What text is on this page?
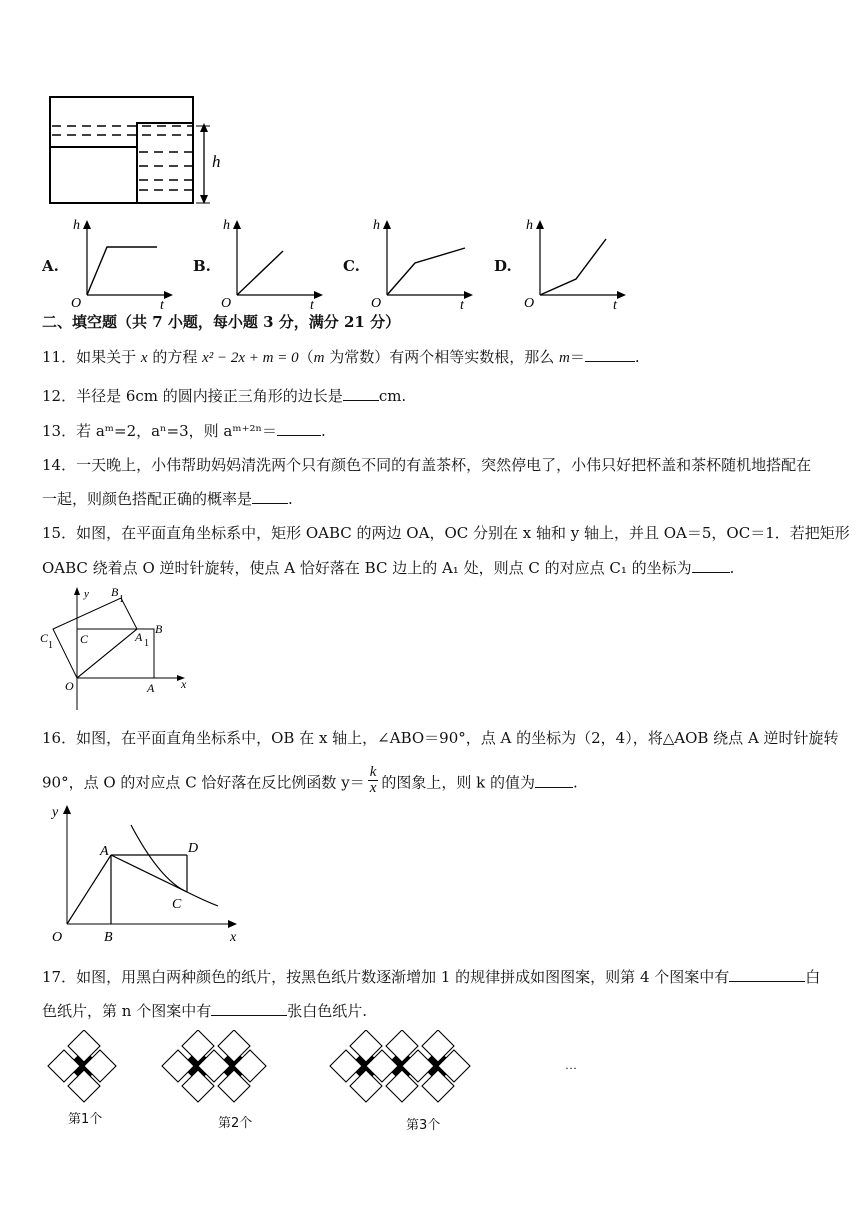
h
A.
h
O	t
B.
h
O	t
C.
h
O	t
D.
h
O	t
二、填空题（共 7 小题，每小题 3 分，满分 21 分）
11．如果关于 x 的方程 x² − 2x + m = 0（m 为常数）有两个相等实数根，那么 m＝	.
12．半径是 6cm 的圆内接正三角形的边长是 cm.
13．若 aᵐ=2，aⁿ=3，则 aᵐ⁺²ⁿ＝	.
14．一天晚上，小伟帮助妈妈清洗两个只有颜色不同的有盖茶杯，突然停电了，小伟只好把杯盖和茶杯随机地搭配在
一起，则颜色搭配正确的概率是 .
15．如图，在平面直角坐标系中，矩形 OABC 的两边 OA，OC 分别在 x 轴和 y 轴上，并且 OA＝5，OC＝1．若把矩形
OABC 绕着点 O 逆时针旋转，使点 A 恰好落在 BC 边上的 A₁ 处，则点 C 的对应点 C₁ 的坐标为	.
y
x
O	A
B
C
B
1
A 1
C
1
16．如图，在平面直角坐标系中，OB 在 x 轴上，∠ABO＝90°，点 A 的坐标为（2，4），将△AOB 绕点 A 逆时针旋转
90°，点 O 的对应点 C 恰好落在反比例函数 $y= \frac{k}{x}$ 的图象上，则 k 的值为	.
y
x
O	B
A	D
C
17．如图，用黑白两种颜色的纸片，按黑色纸片数逐渐增加 1 的规律拼成如图图案，则第 4 个图案中有	白
色纸片，第 n 个图案中有	张白色纸片.
···
第1个	第2个	第3个
